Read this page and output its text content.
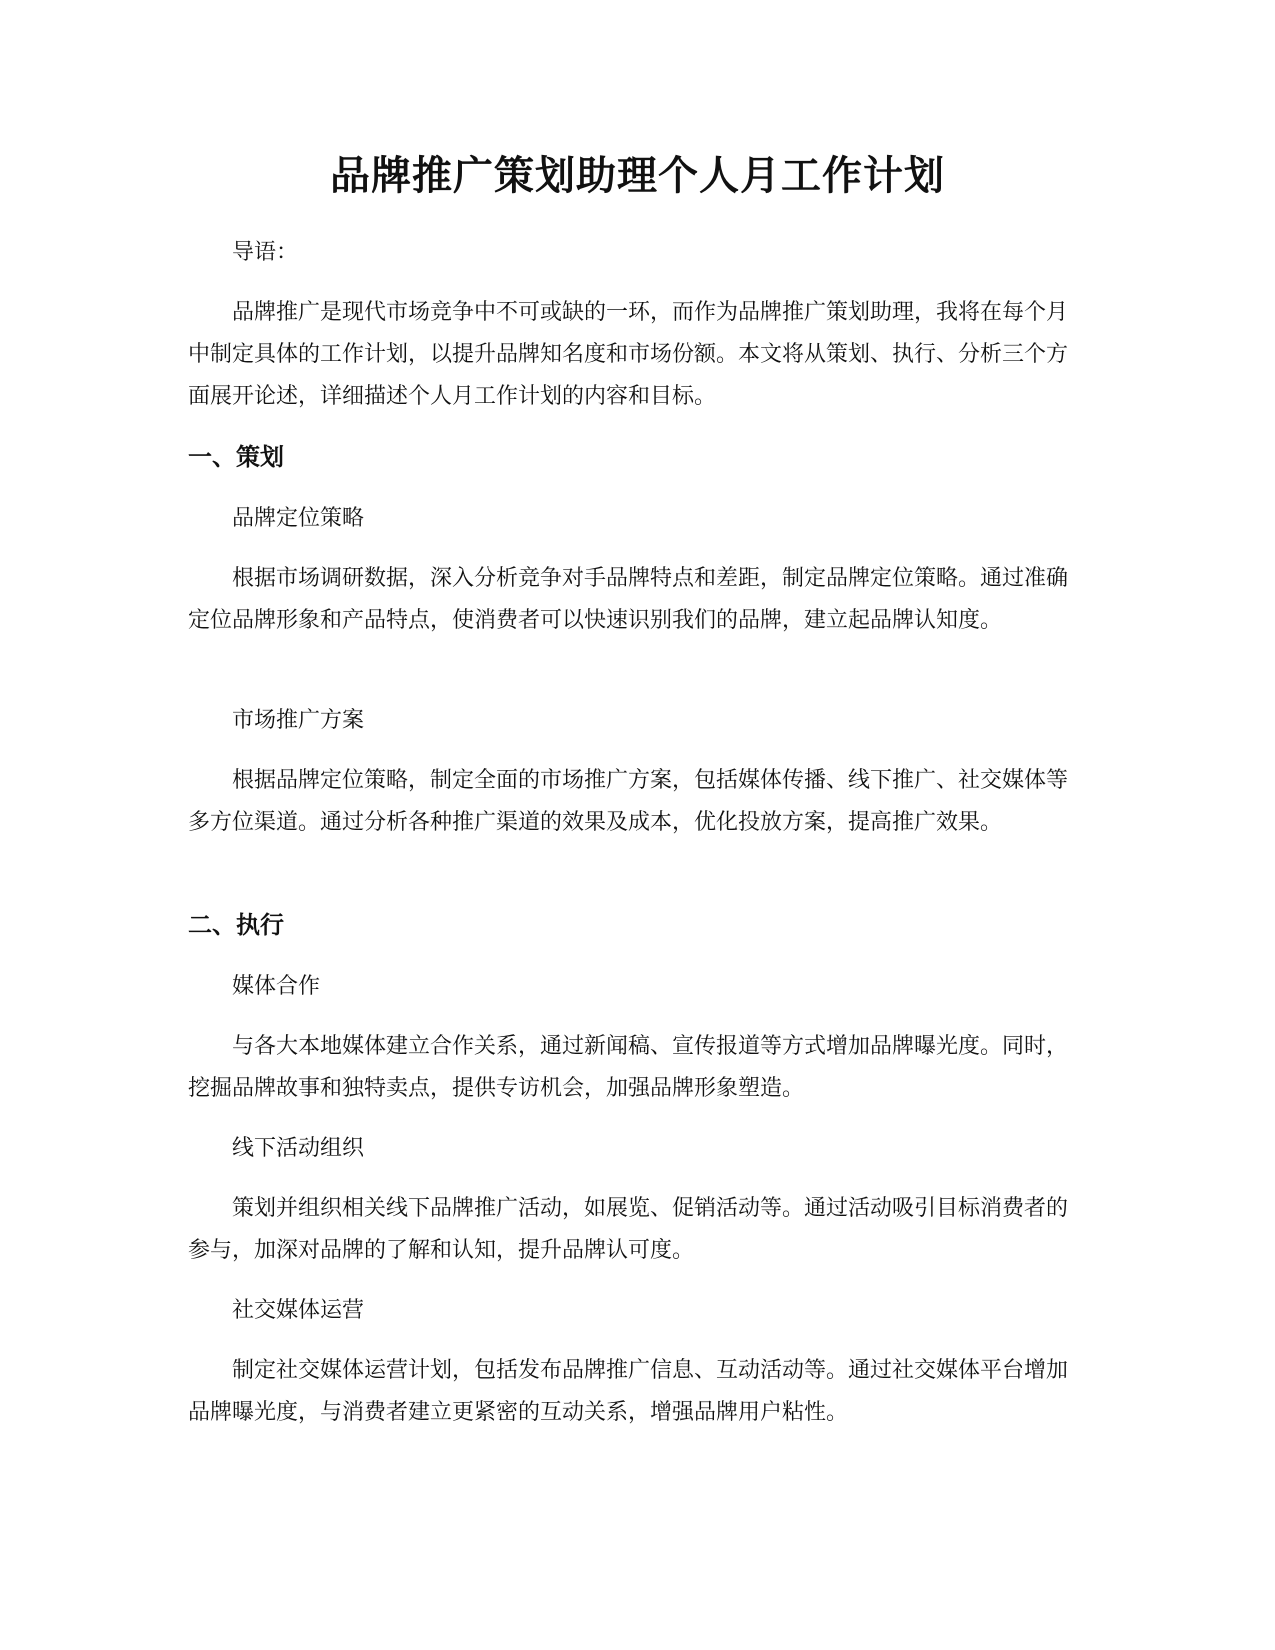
品牌推广策划助理个人月工作计划

导语：

品牌推广是现代市场竞争中不可或缺的一环，而作为品牌推广策划助理，我将在每个月中制定具体的工作计划，以提升品牌知名度和市场份额。本文将从策划、执行、分析三个方面展开论述，详细描述个人月工作计划的内容和目标。

一、策划

品牌定位策略

根据市场调研数据，深入分析竞争对手品牌特点和差距，制定品牌定位策略。通过准确定位品牌形象和产品特点，使消费者可以快速识别我们的品牌，建立起品牌认知度。

市场推广方案

根据品牌定位策略，制定全面的市场推广方案，包括媒体传播、线下推广、社交媒体等多方位渠道。通过分析各种推广渠道的效果及成本，优化投放方案，提高推广效果。

二、执行

媒体合作

与各大本地媒体建立合作关系，通过新闻稿、宣传报道等方式增加品牌曝光度。同时，挖掘品牌故事和独特卖点，提供专访机会，加强品牌形象塑造。

线下活动组织

策划并组织相关线下品牌推广活动，如展览、促销活动等。通过活动吸引目标消费者的参与，加深对品牌的了解和认知，提升品牌认可度。

社交媒体运营

制定社交媒体运营计划，包括发布品牌推广信息、互动活动等。通过社交媒体平台增加品牌曝光度，与消费者建立更紧密的互动关系，增强品牌用户粘性。
